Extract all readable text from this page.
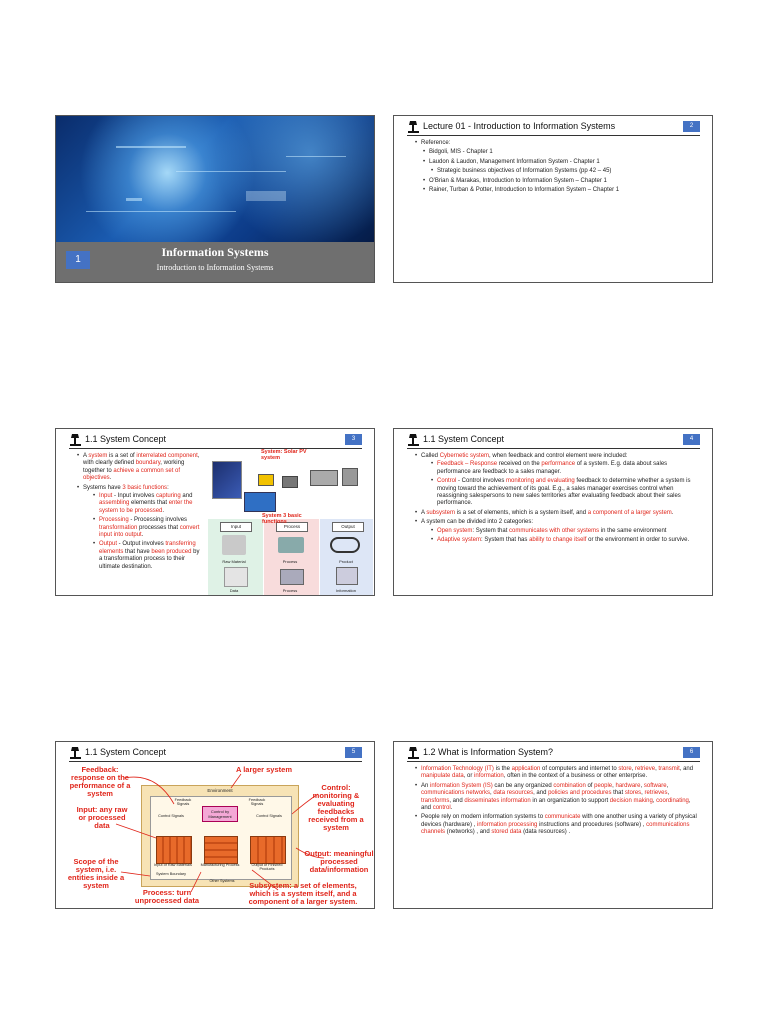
Information Systems
Introduction to Information Systems
1
Lecture 01 - Introduction to Information Systems	2
• Reference:
• Bidgoli, MIS - Chapter 1
• Laudon & Laudon, Management Information System - Chapter 1
• Strategic business objectives of Information Systems (pp 42 – 45)
• O'Brian & Marakas, Introduction to Information System – Chapter 1
• Rainer, Turban & Potter, Introduction to Information System – Chapter 1
1.1 System Concept	3
• A system is a set of interrelated component, with clearly defined boundary, working together to achieve a common set of objectives.
• Systems have 3 basic functions:
• Input - Input involves capturing and assembling elements that enter the system to be processed.
• Processing - Processing involves transformation processes that convert input into output.
• Output - Output involves transferring elements that have been produced by a transformation process to their ultimate destination.
System: Solar PV system
Input	Process	Output
Raw Material	Process	Product
Data	Process	Information
System 3 basic functions
1.1 System Concept	4
• Called Cybernetic system, when feedback and control element were included:
• Feedback – Response received on the performance of a system. E.g. data about sales performance are feedback to a sales manager.
• Control - Control involves monitoring and evaluating feedback to determine whether a system is moving toward the achievement of its goal. E.g., a sales manager exercises control when reassigning salespersons to new sales territories after evaluating feedback about their sales performance.
• A subsystem is a set of elements, which is a system itself, and a component of a larger system.
• A system can be divided into 2 categories:
• Open system: System that communicates with other systems in the same environment
• Adaptive system: System that has ability to change itself or the environment in order to survive.
1.1 System Concept	5
Environment
Feedback Signals
Feedback Signals
Control Signals	Control Signals
Control by Management
Input of Raw Materials Manufacturing Process	Output of Finished Products
System Boundary
Other Systems
Feedback: response on the performance of a system
A larger system
Input: any raw or processed data
Control: monitoring & evaluating feedbacks received from a system
Scope of the system, i.e. entities inside a system
Output: meaningful processed data/information
Process: turn unprocessed data
Subsystem: a set of elements, which is a system itself, and a component of a larger system.
1.2 What is Information System?	6
• Information Technology (IT) is the application of computers and internet to store, retrieve, transmit, and manipulate data, or information, often in the context of a business or other enterprise.
• An information System (IS) can be any organized combination of people, hardware, software, communications networks, data resources, and policies and procedures that stores, retrieves, transforms, and disseminates information in an organization to support decision making, coordinating, and control.
• People rely on modern information systems to communicate with one another using a variety of physical devices (hardware) , information processing instructions and procedures (software) , communications channels (networks) , and stored data (data resources) .
